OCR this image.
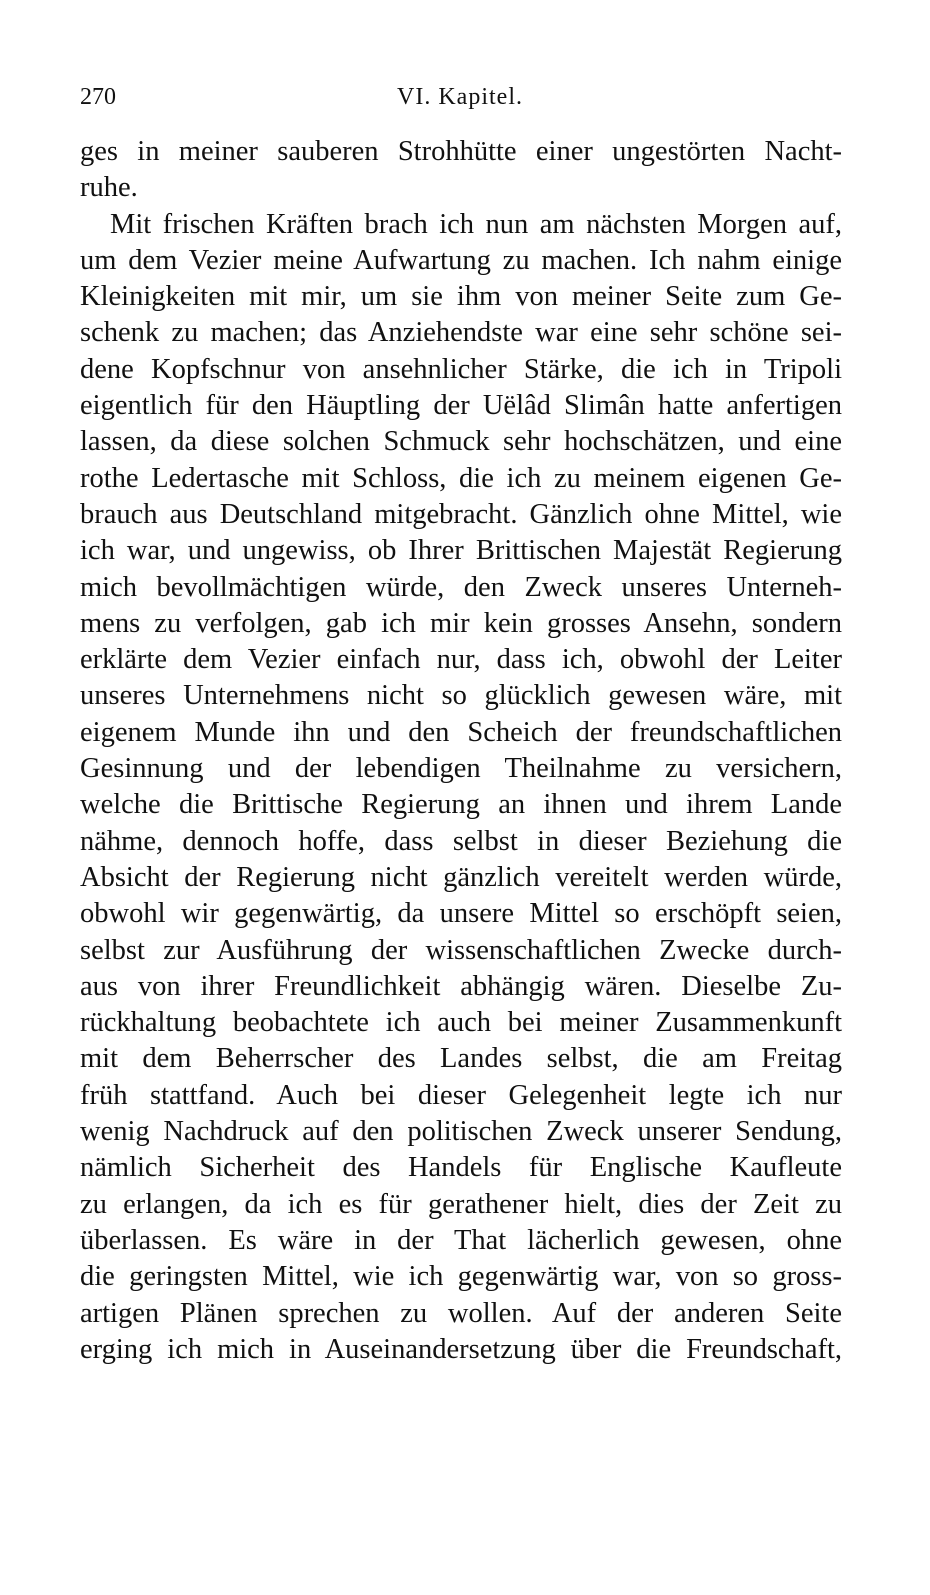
270	VI. Kapitel.
ges in meiner sauberen Strohhütte einer ungestörten Nacht-
ruhe.
Mit frischen Kräften brach ich nun am nächsten Morgen auf,
um dem Vezier meine Aufwartung zu machen. Ich nahm einige
Kleinigkeiten mit mir, um sie ihm von meiner Seite zum Ge-
schenk zu machen; das Anziehendste war eine sehr schöne sei-
dene Kopfschnur von ansehnlicher Stärke, die ich in Tripoli
eigentlich für den Häuptling der Uëlâd Slimân hatte anfertigen
lassen, da diese solchen Schmuck sehr hochschätzen, und eine
rothe Ledertasche mit Schloss, die ich zu meinem eigenen Ge-
brauch aus Deutschland mitgebracht. Gänzlich ohne Mittel, wie
ich war, und ungewiss, ob Ihrer Brittischen Majestät Regierung
mich bevollmächtigen würde, den Zweck unseres Unterneh-
mens zu verfolgen, gab ich mir kein grosses Ansehn, sondern
erklärte dem Vezier einfach nur, dass ich, obwohl der Leiter
unseres Unternehmens nicht so glücklich gewesen wäre, mit
eigenem Munde ihn und den Scheich der freundschaftlichen
Gesinnung und der lebendigen Theilnahme zu versichern,
welche die Brittische Regierung an ihnen und ihrem Lande
nähme, dennoch hoffe, dass selbst in dieser Beziehung die
Absicht der Regierung nicht gänzlich vereitelt werden würde,
obwohl wir gegenwärtig, da unsere Mittel so erschöpft seien,
selbst zur Ausführung der wissenschaftlichen Zwecke durch-
aus von ihrer Freundlichkeit abhängig wären. Dieselbe Zu-
rückhaltung beobachtete ich auch bei meiner Zusammenkunft
mit dem Beherrscher des Landes selbst, die am Freitag
früh stattfand. Auch bei dieser Gelegenheit legte ich nur
wenig Nachdruck auf den politischen Zweck unserer Sendung,
nämlich Sicherheit des Handels für Englische Kaufleute
zu erlangen, da ich es für gerathener hielt, dies der Zeit zu
überlassen. Es wäre in der That lächerlich gewesen, ohne
die geringsten Mittel, wie ich gegenwärtig war, von so gross-
artigen Plänen sprechen zu wollen. Auf der anderen Seite
erging ich mich in Auseinandersetzung über die Freundschaft,
